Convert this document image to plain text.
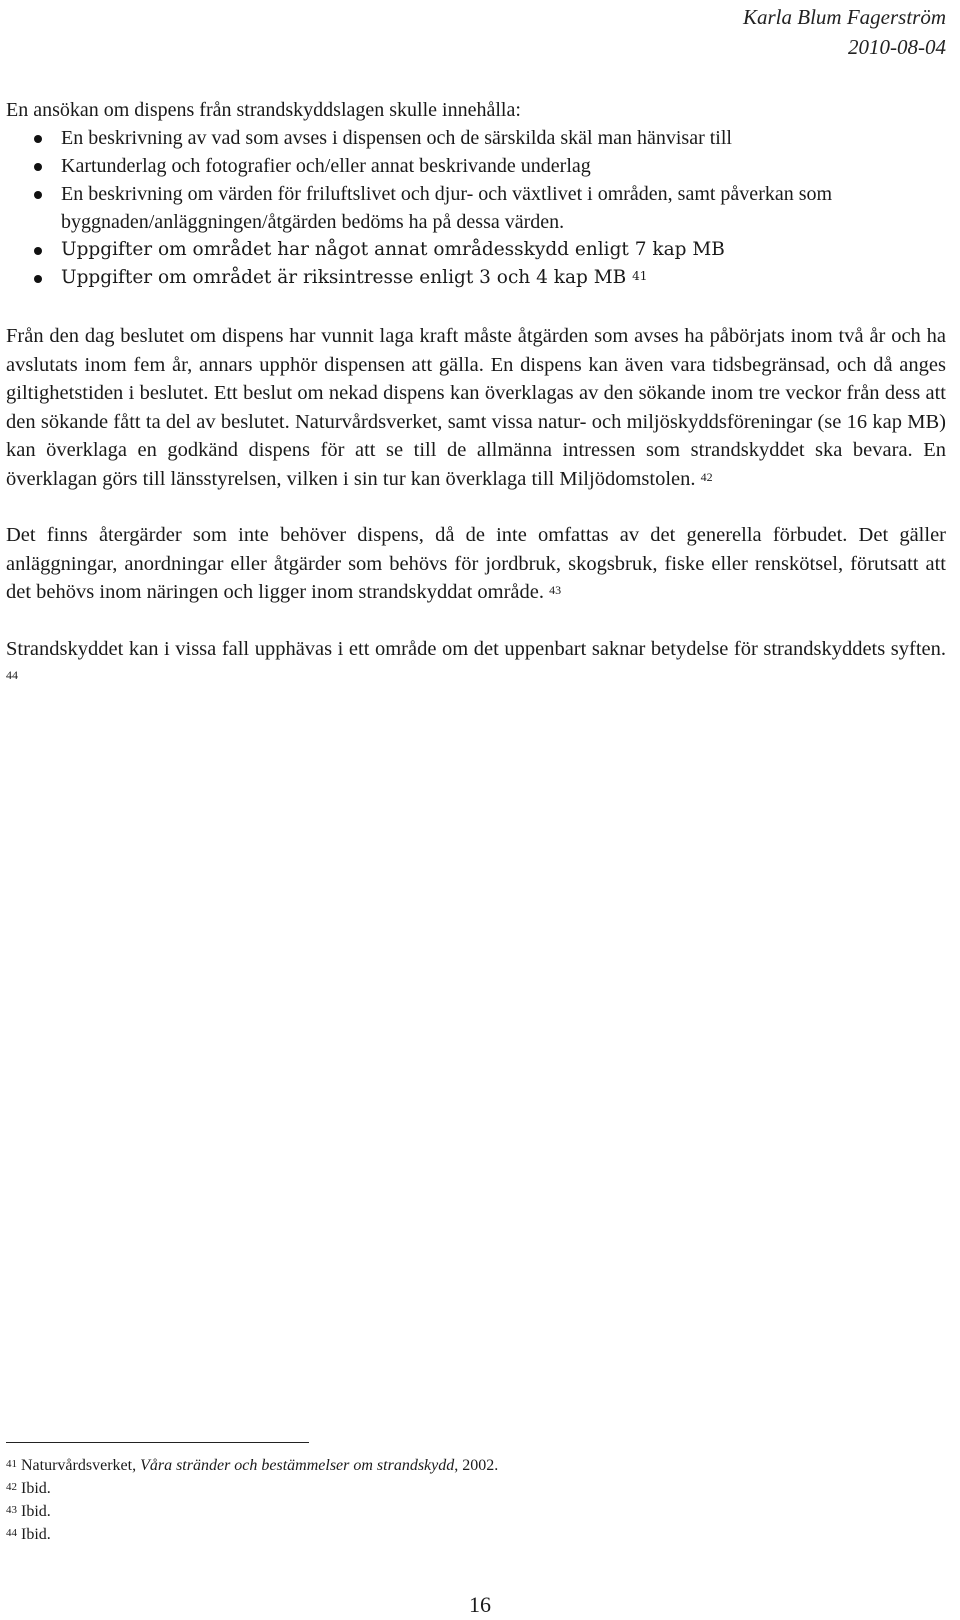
Karla Blum Fagerström
2010-08-04

En ansökan om dispens från strandskyddslagen skulle innehålla:

En beskrivning av vad som avses i dispensen och de särskilda skäl man hänvisar till
Kartunderlag och fotografier och/eller annat beskrivande underlag
En beskrivning om värden för friluftslivet och djur- och växtlivet i områden, samt påverkan som byggnaden/anläggningen/åtgärden bedöms ha på dessa värden.
Uppgifter om området har något annat områdesskydd enligt 7 kap MB
Uppgifter om området är riksintresse enligt 3 och 4 kap MB $^{41}$

Från den dag beslutet om dispens har vunnit laga kraft måste åtgärden som avses ha påbörjats inom två år och ha avslutats inom fem år, annars upphör dispensen att gälla. En dispens kan även vara tidsbegränsad, och då anges giltighetstiden i beslutet. Ett beslut om nekad dispens kan överklagas av den sökande inom tre veckor från dess att den sökande fått ta del av beslutet. Naturvårdsverket, samt vissa natur- och miljöskyddsföreningar (se 16 kap MB) kan överklaga en godkänd dispens för att se till de allmänna intressen som strandskyddet ska bevara. En överklagan görs till länsstyrelsen, vilken i sin tur kan överklaga till Miljödomstolen. $^{42}$

Det finns återgärder som inte behöver dispens, då de inte omfattas av det generella förbudet. Det gäller anläggningar, anordningar eller åtgärder som behövs för jordbruk, skogsbruk, fiske eller renskötsel, förutsatt att det behövs inom näringen och ligger inom strandskyddat område. $^{43}$

Strandskyddet kan i vissa fall upphävas i ett område om det uppenbart saknar betydelse för strandskyddets syften. $^{44}$

$^{41}$ Naturvårdsverket, Våra stränder och bestämmelser om strandskydd, 2002.
$^{42}$ Ibid.
$^{43}$ Ibid.
$^{44}$ Ibid.
16
